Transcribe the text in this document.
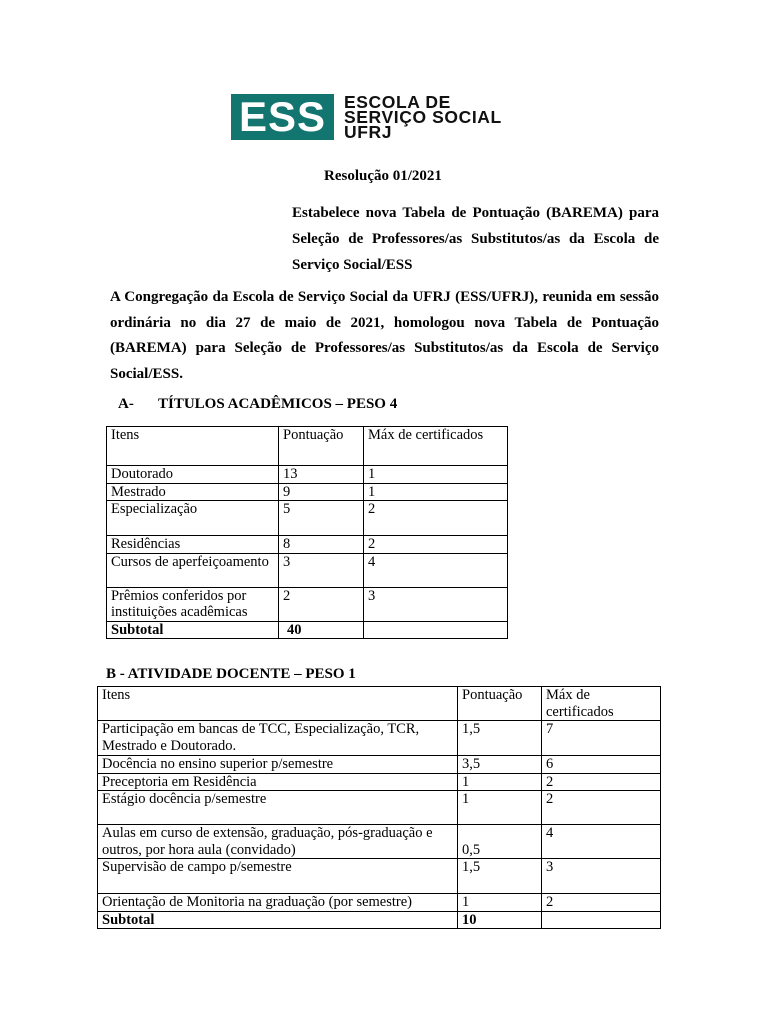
ESS	ESCOLA DE
SERVIÇO SOCIAL
UFRJ
Resolução 01/2021
Estabelece nova Tabela de Pontuação (BAREMA) para Seleção de Professores/as Substitutos/as da Escola de Serviço Social/ESS
A Congregação da Escola de Serviço Social da UFRJ (ESS/UFRJ), reunida em sessão ordinária no dia 27 de maio de 2021, homologou nova Tabela de Pontuação (BAREMA) para Seleção de Professores/as Substitutos/as da Escola de Serviço Social/ESS.
A- TÍTULOS ACADÊMICOS – PESO 4
Itens	Pontuação	Máx de certificados
Doutorado	13	1
Mestrado	9	1
Especialização	5	2
Residências	8	2
Cursos de aperfeiçoamento	3	4
Prêmios conferidos por instituições acadêmicas	2	3
Subtotal	40	
B - ATIVIDADE DOCENTE – PESO 1
Itens	Pontuação	Máx de certificados
Participação em bancas de TCC, Especialização, TCR, Mestrado e Doutorado.	1,5	7
Docência no ensino superior p/semestre	3,5	6
Preceptoria em Residência	1	2
Estágio docência p/semestre	1	2
Aulas em curso de extensão, graduação, pós-graduação e outros, por hora aula (convidado)	0,5	4
Supervisão de campo p/semestre	1,5	3
Orientação de Monitoria na graduação (por semestre)	1	2
Subtotal	10	
